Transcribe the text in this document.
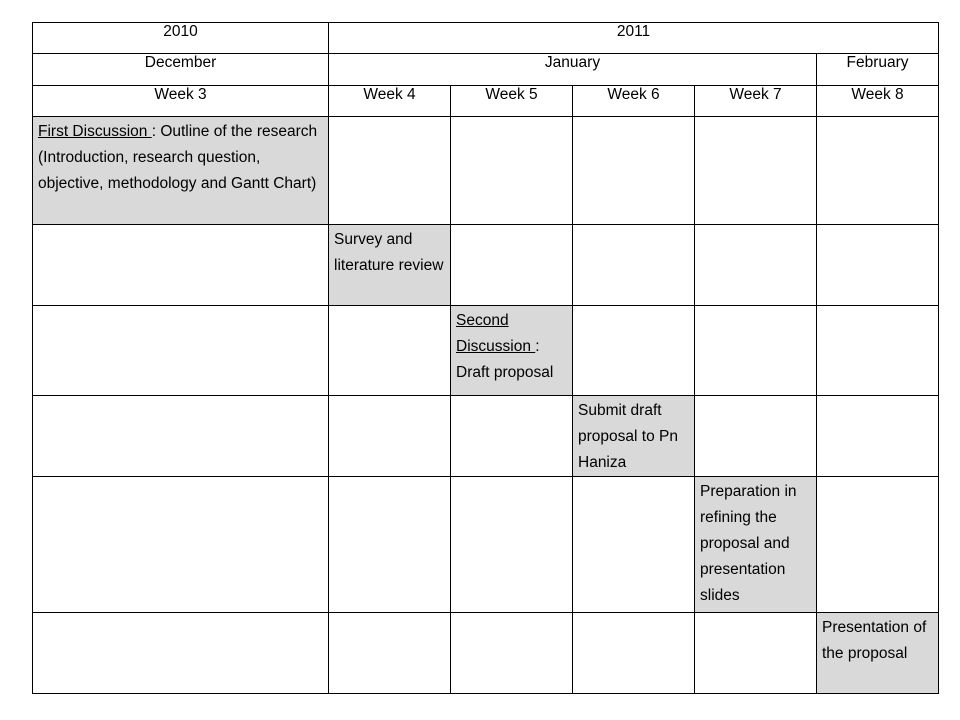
2010	2011				
December	January				February
Week 3	Week 4	Week 5	Week 6	Week 7	Week 8

First Discussion : Outline of the research (Introduction, research question, objective, methodology and Gantt Chart)					

	Survey and literature review				

		Second Discussion : Draft proposal			

			Submit draft proposal to Pn Haniza		

				Preparation in refining the proposal and presentation slides	

					Presentation of the proposal
